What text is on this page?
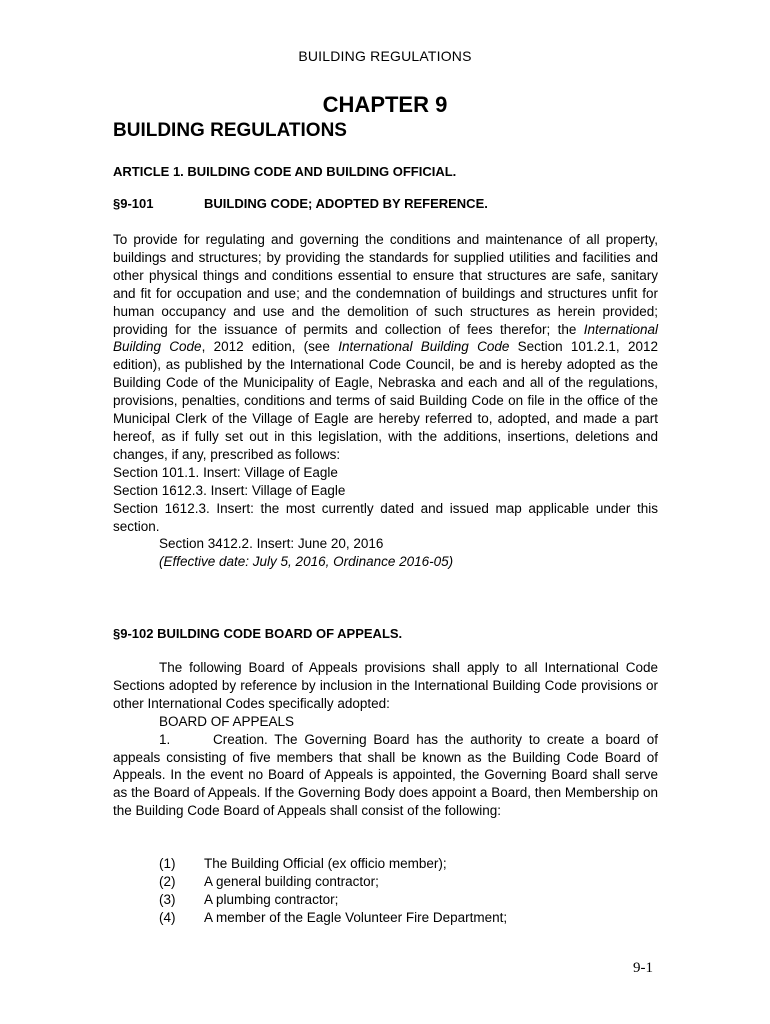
BUILDING REGULATIONS
CHAPTER 9
BUILDING REGULATIONS
ARTICLE 1. BUILDING CODE AND BUILDING OFFICIAL.
§9-101	BUILDING CODE; ADOPTED BY REFERENCE.

To provide for regulating and governing the conditions and maintenance of all property, buildings and structures; by providing the standards for supplied utilities and facilities and other physical things and conditions essential to ensure that structures are safe, sanitary and fit for occupation and use; and the condemnation of buildings and structures unfit for human occupancy and use and the demolition of such structures as herein provided; providing for the issuance of permits and collection of fees therefor; the International Building Code, 2012 edition, (see International Building Code Section 101.2.1, 2012 edition), as published by the International Code Council, be and is hereby adopted as the Building Code of the Municipality of Eagle, Nebraska and each and all of the regulations, provisions, penalties, conditions and terms of said Building Code on file in the office of the Municipal Clerk of the Village of Eagle are hereby referred to, adopted, and made a part hereof, as if fully set out in this legislation, with the additions, insertions, deletions and changes, if any, prescribed as follows:

Section 101.1. Insert: Village of Eagle

Section 1612.3. Insert: Village of Eagle

Section 1612.3. Insert: the most currently dated and issued map applicable under this section.

Section 3412.2. Insert: June 20, 2016

(Effective date: July 5, 2016, Ordinance 2016-05)

§9-102 BUILDING CODE BOARD OF APPEALS.

The following Board of Appeals provisions shall apply to all International Code Sections adopted by reference by inclusion in the International Building Code provisions or other International Codes specifically adopted:

BOARD OF APPEALS

1.	Creation. The Governing Board has the authority to create a board of appeals consisting of five members that shall be known as the Building Code Board of Appeals. In the event no Board of Appeals is appointed, the Governing Board shall serve as the Board of Appeals. If the Governing Body does appoint a Board, then Membership on the Building Code Board of Appeals shall consist of the following:

(1)	The Building Official (ex officio member);
(2)	A general building contractor;
(3)	A plumbing contractor;
(4)	A member of the Eagle Volunteer Fire Department;
9-1
